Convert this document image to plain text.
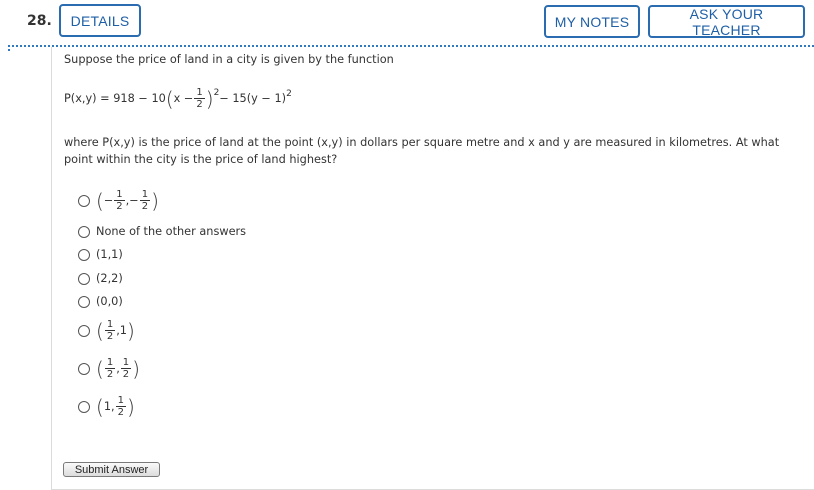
28.	DETAILS	MY NOTES	ASK YOUR TEACHER
Suppose the price of land in a city is given by the function
P(x,y) = 918 − 10 ( $x - \frac{1}{2} )^2 - 15(y - 1)^2$
where P(x,y) is the price of land at the point (x,y) in dollars per square metre and x and y are measured in kilometres. At what
point within the city is the price of land highest?
( − $\frac{1}{2}$ , − $\frac{1}{2}$ )
None of the other answers
(1,1)
(2,2)
(0,0)
( $\frac{1}{2}$ , 1 )
( $\frac{1}{2}$ , $\frac{1}{2}$ )
( 1 , $\frac{1}{2}$ )
Submit Answer
